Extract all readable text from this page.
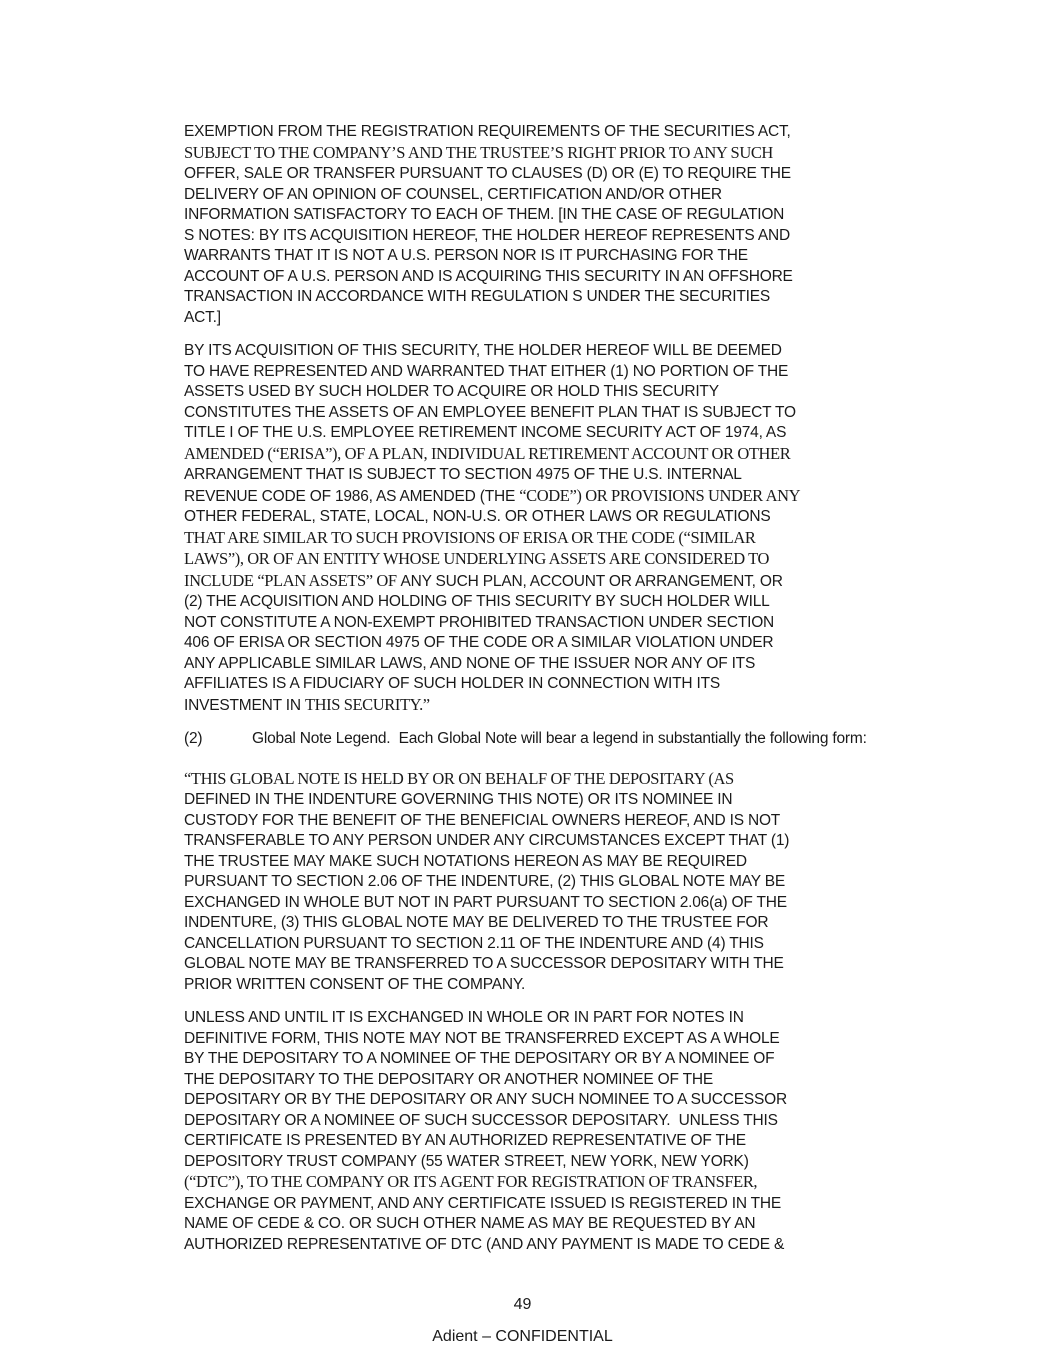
EXEMPTION FROM THE REGISTRATION REQUIREMENTS OF THE SECURITIES ACT,
SUBJECT TO THE COMPANY’S AND THE TRUSTEE’S RIGHT PRIOR TO ANY SUCH
OFFER, SALE OR TRANSFER PURSUANT TO CLAUSES (D) OR (E) TO REQUIRE THE
DELIVERY OF AN OPINION OF COUNSEL, CERTIFICATION AND/OR OTHER
INFORMATION SATISFACTORY TO EACH OF THEM. [IN THE CASE OF REGULATION
S NOTES: BY ITS ACQUISITION HEREOF, THE HOLDER HEREOF REPRESENTS AND
WARRANTS THAT IT IS NOT A U.S. PERSON NOR IS IT PURCHASING FOR THE
ACCOUNT OF A U.S. PERSON AND IS ACQUIRING THIS SECURITY IN AN OFFSHORE
TRANSACTION IN ACCORDANCE WITH REGULATION S UNDER THE SECURITIES
ACT.]
BY ITS ACQUISITION OF THIS SECURITY, THE HOLDER HEREOF WILL BE DEEMED
TO HAVE REPRESENTED AND WARRANTED THAT EITHER (1) NO PORTION OF THE
ASSETS USED BY SUCH HOLDER TO ACQUIRE OR HOLD THIS SECURITY
CONSTITUTES THE ASSETS OF AN EMPLOYEE BENEFIT PLAN THAT IS SUBJECT TO
TITLE I OF THE U.S. EMPLOYEE RETIREMENT INCOME SECURITY ACT OF 1974, AS
AMENDED (“ERISA”), OF A PLAN, INDIVIDUAL RETIREMENT ACCOUNT OR OTHER
ARRANGEMENT THAT IS SUBJECT TO SECTION 4975 OF THE U.S. INTERNAL
REVENUE CODE OF 1986, AS AMENDED (THE “CODE”) OR PROVISIONS UNDER ANY
OTHER FEDERAL, STATE, LOCAL, NON-U.S. OR OTHER LAWS OR REGULATIONS
THAT ARE SIMILAR TO SUCH PROVISIONS OF ERISA OR THE CODE (“SIMILAR
LAWS”), OR OF AN ENTITY WHOSE UNDERLYING ASSETS ARE CONSIDERED TO
INCLUDE “PLAN ASSETS” OF ANY SUCH PLAN, ACCOUNT OR ARRANGEMENT, OR
(2) THE ACQUISITION AND HOLDING OF THIS SECURITY BY SUCH HOLDER WILL
NOT CONSTITUTE A NON-EXEMPT PROHIBITED TRANSACTION UNDER SECTION
406 OF ERISA OR SECTION 4975 OF THE CODE OR A SIMILAR VIOLATION UNDER
ANY APPLICABLE SIMILAR LAWS, AND NONE OF THE ISSUER NOR ANY OF ITS
AFFILIATES IS A FIDUCIARY OF SUCH HOLDER IN CONNECTION WITH ITS
INVESTMENT IN THIS SECURITY.”
(2)	Global Note Legend.  Each Global Note will bear a legend in substantially the following form:
“THIS GLOBAL NOTE IS HELD BY OR ON BEHALF OF THE DEPOSITARY (AS
DEFINED IN THE INDENTURE GOVERNING THIS NOTE) OR ITS NOMINEE IN
CUSTODY FOR THE BENEFIT OF THE BENEFICIAL OWNERS HEREOF, AND IS NOT
TRANSFERABLE TO ANY PERSON UNDER ANY CIRCUMSTANCES EXCEPT THAT (1)
THE TRUSTEE MAY MAKE SUCH NOTATIONS HEREON AS MAY BE REQUIRED
PURSUANT TO SECTION 2.06 OF THE INDENTURE, (2) THIS GLOBAL NOTE MAY BE
EXCHANGED IN WHOLE BUT NOT IN PART PURSUANT TO SECTION 2.06(a) OF THE
INDENTURE, (3) THIS GLOBAL NOTE MAY BE DELIVERED TO THE TRUSTEE FOR
CANCELLATION PURSUANT TO SECTION 2.11 OF THE INDENTURE AND (4) THIS
GLOBAL NOTE MAY BE TRANSFERRED TO A SUCCESSOR DEPOSITARY WITH THE
PRIOR WRITTEN CONSENT OF THE COMPANY.
UNLESS AND UNTIL IT IS EXCHANGED IN WHOLE OR IN PART FOR NOTES IN
DEFINITIVE FORM, THIS NOTE MAY NOT BE TRANSFERRED EXCEPT AS A WHOLE
BY THE DEPOSITARY TO A NOMINEE OF THE DEPOSITARY OR BY A NOMINEE OF
THE DEPOSITARY TO THE DEPOSITARY OR ANOTHER NOMINEE OF THE
DEPOSITARY OR BY THE DEPOSITARY OR ANY SUCH NOMINEE TO A SUCCESSOR
DEPOSITARY OR A NOMINEE OF SUCH SUCCESSOR DEPOSITARY.  UNLESS THIS
CERTIFICATE IS PRESENTED BY AN AUTHORIZED REPRESENTATIVE OF THE
DEPOSITORY TRUST COMPANY (55 WATER STREET, NEW YORK, NEW YORK)
(“DTC”), TO THE COMPANY OR ITS AGENT FOR REGISTRATION OF TRANSFER,
EXCHANGE OR PAYMENT, AND ANY CERTIFICATE ISSUED IS REGISTERED IN THE
NAME OF CEDE & CO. OR SUCH OTHER NAME AS MAY BE REQUESTED BY AN
AUTHORIZED REPRESENTATIVE OF DTC (AND ANY PAYMENT IS MADE TO CEDE &
49
Adient – CONFIDENTIAL
